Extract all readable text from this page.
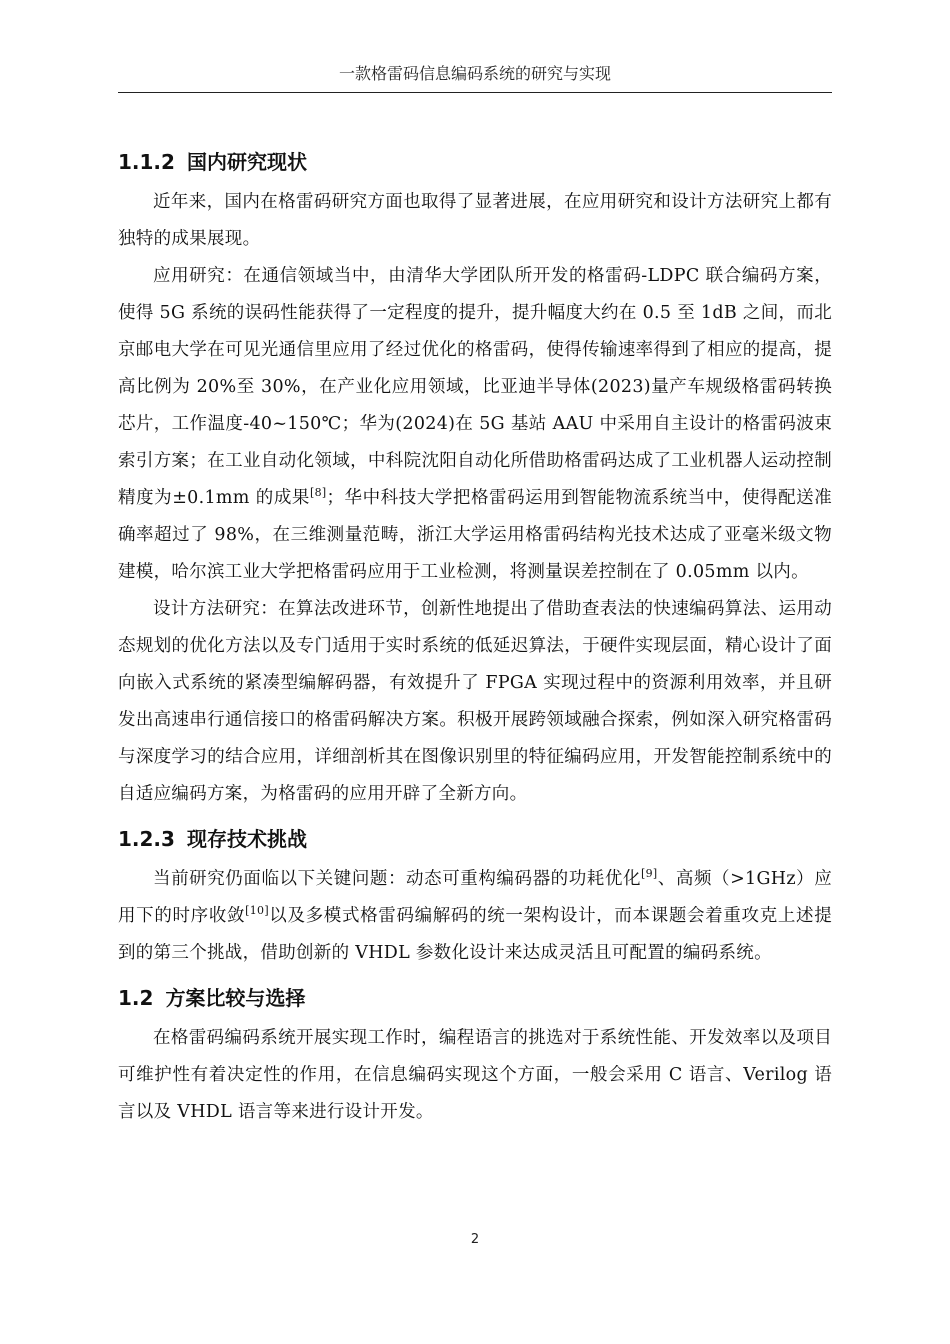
一款格雷码信息编码系统的研究与实现
1.1.2 国内研究现状

近年来，国内在格雷码研究方面也取得了显著进展，在应用研究和设计方法研究上都有独特的成果展现。

应用研究：在通信领域当中，由清华大学团队所开发的格雷码-LDPC 联合编码方案，使得 5G 系统的误码性能获得了一定程度的提升，提升幅度大约在 0.5 至 1dB 之间，而北京邮电大学在可见光通信里应用了经过优化的格雷码，使得传输速率得到了相应的提高，提高比例为 20%至 30%，在产业化应用领域，比亚迪半导体(2023)量产车规级格雷码转换芯片，工作温度-40~150℃；华为(2024)在 5G 基站 AAU 中采用自主设计的格雷码波束索引方案；在工业自动化领域，中科院沈阳自动化所借助格雷码达成了工业机器人运动控制精度为±0.1mm 的成果[8]；华中科技大学把格雷码运用到智能物流系统当中，使得配送准确率超过了 98%，在三维测量范畴，浙江大学运用格雷码结构光技术达成了亚毫米级文物建模，哈尔滨工业大学把格雷码应用于工业检测，将测量误差控制在了 0.05mm 以内。

设计方法研究：在算法改进环节，创新性地提出了借助查表法的快速编码算法、运用动态规划的优化方法以及专门适用于实时系统的低延迟算法，于硬件实现层面，精心设计了面向嵌入式系统的紧凑型编解码器，有效提升了 FPGA 实现过程中的资源利用效率，并且研发出高速串行通信接口的格雷码解决方案。积极开展跨领域融合探索，例如深入研究格雷码与深度学习的结合应用，详细剖析其在图像识别里的特征编码应用，开发智能控制系统中的自适应编码方案，为格雷码的应用开辟了全新方向。

1.2.3 现存技术挑战

当前研究仍面临以下关键问题：动态可重构编码器的功耗优化[9]、高频（>1GHz）应用下的时序收敛[10]以及多模式格雷码编解码的统一架构设计，而本课题会着重攻克上述提到的第三个挑战，借助创新的 VHDL 参数化设计来达成灵活且可配置的编码系统。

1.2 方案比较与选择

在格雷码编码系统开展实现工作时，编程语言的挑选对于系统性能、开发效率以及项目可维护性有着决定性的作用，在信息编码实现这个方面，一般会采用 C 语言、Verilog 语言以及 VHDL 语言等来进行设计开发。

2
